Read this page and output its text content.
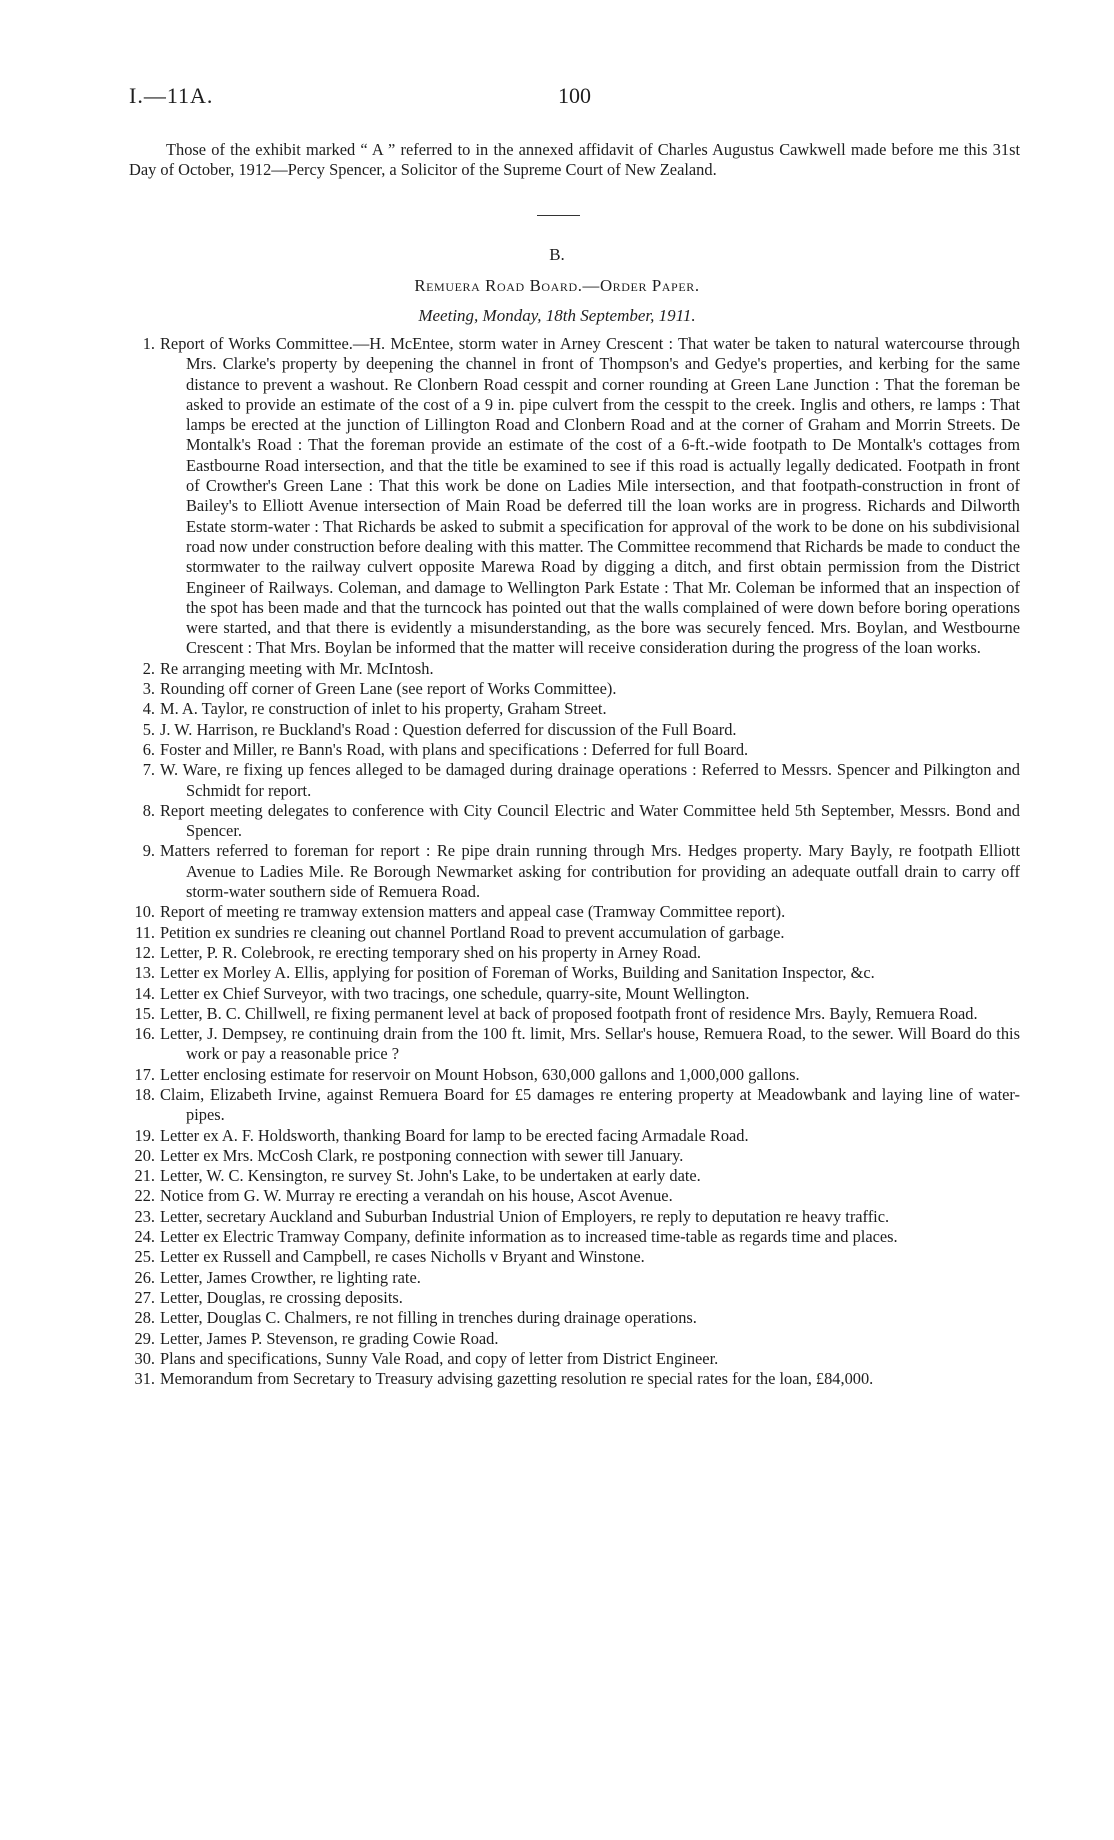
I.—11A.	100

Those of the exhibit marked “ A ” referred to in the annexed affidavit of Charles Augustus Cawkwell made before me this 31st Day of October, 1912—Percy Spencer, a Solicitor of the Supreme Court of New Zealand.

B.
Remuera Road Board.—Order Paper.
Meeting, Monday, 18th September, 1911.
1. Report of Works Committee.—H. McEntee, storm water in Arney Crescent : That water be taken to natural watercourse through Mrs. Clarke's property by deepening the channel in front of Thompson's and Gedye's properties, and kerbing for the same distance to prevent a washout. Re Clonbern Road cesspit and corner rounding at Green Lane Junction : That the foreman be asked to provide an estimate of the cost of a 9 in. pipe culvert from the cesspit to the creek. Inglis and others, re lamps : That lamps be erected at the junction of Lillington Road and Clonbern Road and at the corner of Graham and Morrin Streets. De Montalk's Road : That the foreman provide an estimate of the cost of a 6-ft.-wide footpath to De Montalk's cottages from Eastbourne Road intersection, and that the title be examined to see if this road is actually legally dedicated. Footpath in front of Crowther's Green Lane : That this work be done on Ladies Mile intersection, and that footpath-construction in front of Bailey's to Elliott Avenue intersection of Main Road be deferred till the loan works are in progress. Richards and Dilworth Estate storm-water : That Richards be asked to submit a specification for approval of the work to be done on his subdivisional road now under construction before dealing with this matter. The Committee recommend that Richards be made to conduct the stormwater to the railway culvert opposite Marewa Road by digging a ditch, and first obtain permission from the District Engineer of Railways. Coleman, and damage to Wellington Park Estate : That Mr. Coleman be informed that an inspection of the spot has been made and that the turncock has pointed out that the walls complained of were down before boring operations were started, and that there is evidently a misunderstanding, as the bore was securely fenced. Mrs. Boylan, and Westbourne Crescent : That Mrs. Boylan be informed that the matter will receive consideration during the progress of the loan works.
2. Re arranging meeting with Mr. McIntosh.
3. Rounding off corner of Green Lane (see report of Works Committee).
4. M. A. Taylor, re construction of inlet to his property, Graham Street.
5. J. W. Harrison, re Buckland's Road : Question deferred for discussion of the Full Board.
6. Foster and Miller, re Bann's Road, with plans and specifications : Deferred for full Board.
7. W. Ware, re fixing up fences alleged to be damaged during drainage operations : Referred to Messrs. Spencer and Pilkington and Schmidt for report.
8. Report meeting delegates to conference with City Council Electric and Water Committee held 5th September, Messrs. Bond and Spencer.
9. Matters referred to foreman for report : Re pipe drain running through Mrs. Hedges property. Mary Bayly, re footpath Elliott Avenue to Ladies Mile. Re Borough Newmarket asking for contribution for providing an adequate outfall drain to carry off storm-water southern side of Remuera Road.
10. Report of meeting re tramway extension matters and appeal case (Tramway Committee report).
11. Petition ex sundries re cleaning out channel Portland Road to prevent accumulation of garbage.
12. Letter, P. R. Colebrook, re erecting temporary shed on his property in Arney Road.
13. Letter ex Morley A. Ellis, applying for position of Foreman of Works, Building and Sanitation Inspector, &c.
14. Letter ex Chief Surveyor, with two tracings, one schedule, quarry-site, Mount Wellington.
15. Letter, B. C. Chillwell, re fixing permanent level at back of proposed footpath front of residence Mrs. Bayly, Remuera Road.
16. Letter, J. Dempsey, re continuing drain from the 100 ft. limit, Mrs. Sellar's house, Remuera Road, to the sewer. Will Board do this work or pay a reasonable price ?
17. Letter enclosing estimate for reservoir on Mount Hobson, 630,000 gallons and 1,000,000 gallons.
18. Claim, Elizabeth Irvine, against Remuera Board for £5 damages re entering property at Meadowbank and laying line of water-pipes.
19. Letter ex A. F. Holdsworth, thanking Board for lamp to be erected facing Armadale Road.
20. Letter ex Mrs. McCosh Clark, re postponing connection with sewer till January.
21. Letter, W. C. Kensington, re survey St. John's Lake, to be undertaken at early date.
22. Notice from G. W. Murray re erecting a verandah on his house, Ascot Avenue.
23. Letter, secretary Auckland and Suburban Industrial Union of Employers, re reply to deputation re heavy traffic.
24. Letter ex Electric Tramway Company, definite information as to increased time-table as regards time and places.
25. Letter ex Russell and Campbell, re cases Nicholls v Bryant and Winstone.
26. Letter, James Crowther, re lighting rate.
27. Letter, Douglas, re crossing deposits.
28. Letter, Douglas C. Chalmers, re not filling in trenches during drainage operations.
29. Letter, James P. Stevenson, re grading Cowie Road.
30. Plans and specifications, Sunny Vale Road, and copy of letter from District Engineer.
31. Memorandum from Secretary to Treasury advising gazetting resolution re special rates for the loan, £84,000.
